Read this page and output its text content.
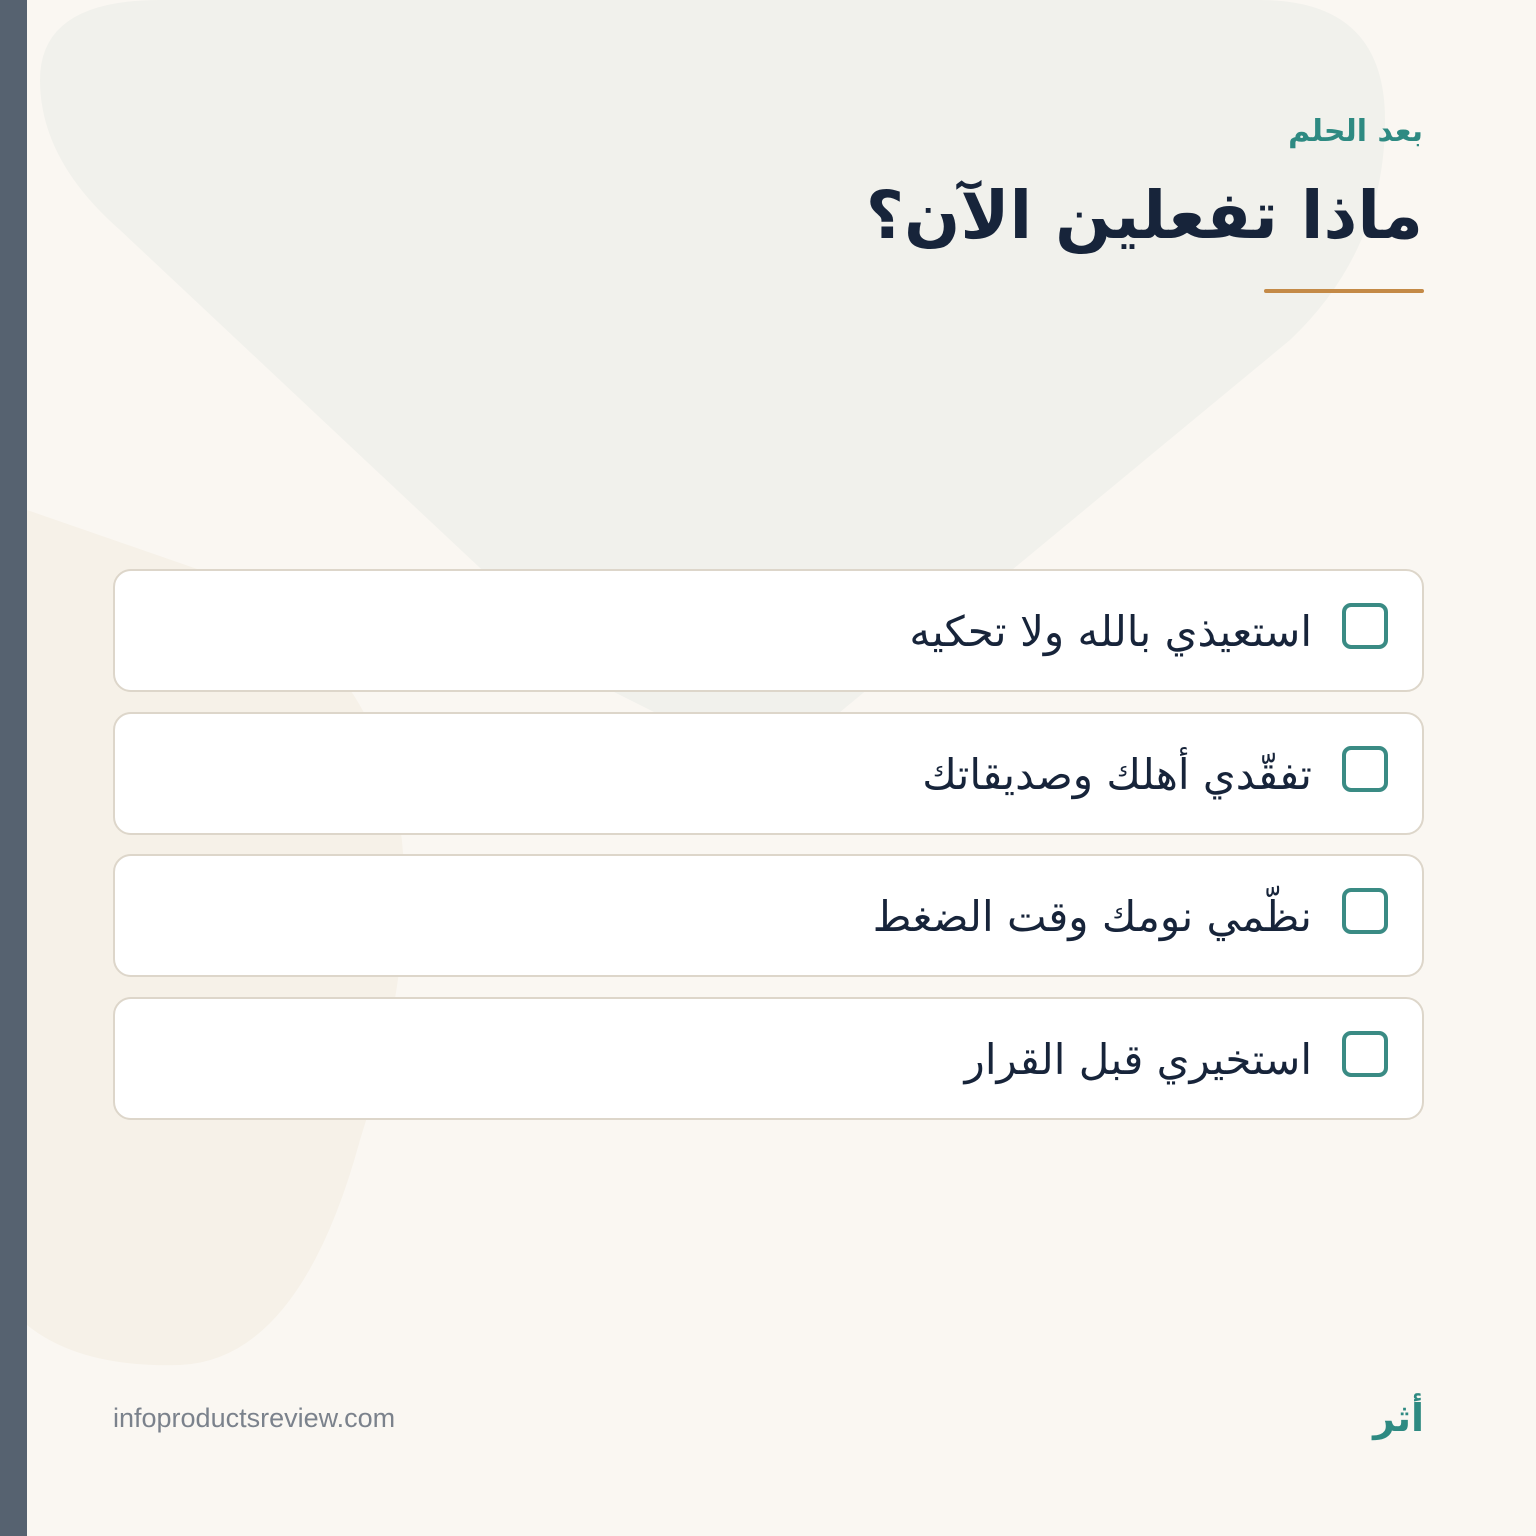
بعد الحلم
ماذا تفعلين الآن؟
استعيذي بالله ولا تحكيه
تفقّدي أهلك وصديقاتك
نظّمي نومك وقت الضغط
استخيري قبل القرار
infoproductsreview.com	أثر
